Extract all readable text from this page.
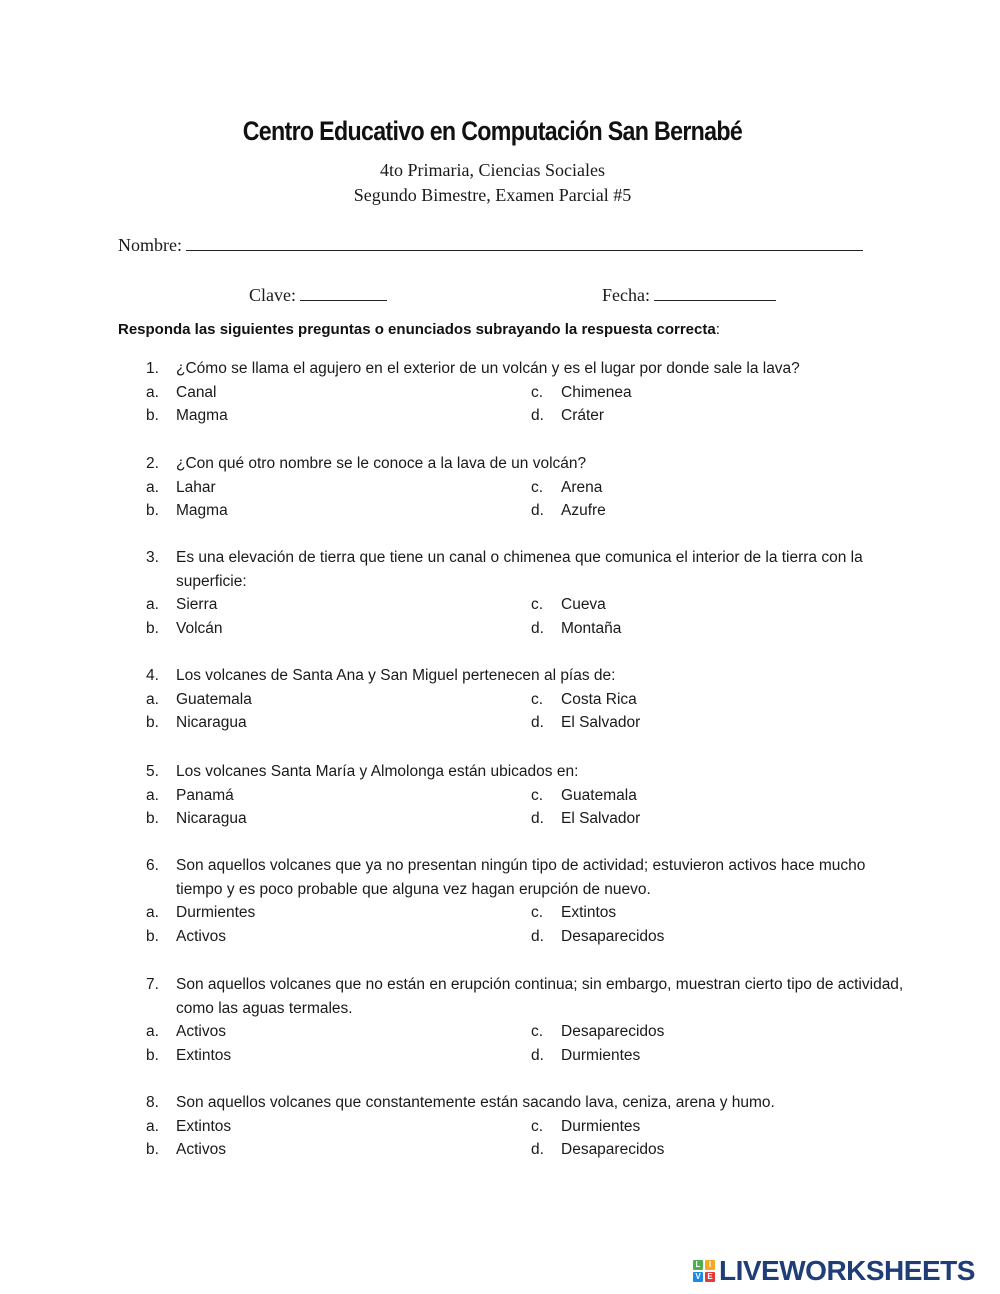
Centro Educativo en Computación San Bernabé
4to Primaria, Ciencias Sociales
Segundo Bimestre, Examen Parcial #5
Nombre:
Clave:	Fecha:
Responda las siguientes preguntas o enunciados subrayando la respuesta correcta:
1.	¿Cómo se llama el agujero en el exterior de un volcán y es el lugar por donde sale la lava?
a.	Canal	c.	Chimenea
b.	Magma	d.	Cráter
2.	¿Con qué otro nombre se le conoce a la lava de un volcán?
a.	Lahar	c.	Arena
b.	Magma	d.	Azufre
3.	Es una elevación de tierra que tiene un canal o chimenea que comunica el interior de la tierra con la superficie:
a.	Sierra	c.	Cueva
b.	Volcán	d.	Montaña
4.	Los volcanes de Santa Ana y San Miguel pertenecen al pías de:
a.	Guatemala	c.	Costa Rica
b.	Nicaragua	d.	El Salvador
5.	Los volcanes Santa María y Almolonga están ubicados en:
a.	Panamá	c.	Guatemala
b.	Nicaragua	d.	El Salvador
6.	Son aquellos volcanes que ya no presentan ningún tipo de actividad; estuvieron activos hace mucho tiempo y es poco probable que alguna vez hagan erupción de nuevo.
a.	Durmientes	c.	Extintos
b.	Activos	d.	Desaparecidos
7.	Son aquellos volcanes que no están en erupción continua; sin embargo, muestran cierto tipo de actividad, como las aguas termales.
a.	Activos	c.	Desaparecidos
b.	Extintos	d.	Durmientes
8.	Son aquellos volcanes que constantemente están sacando lava, ceniza, arena y humo.
a.	Extintos	c.	Durmientes
b.	Activos	d.	Desaparecidos
L	I
V E LIVEWORKSHEETS
